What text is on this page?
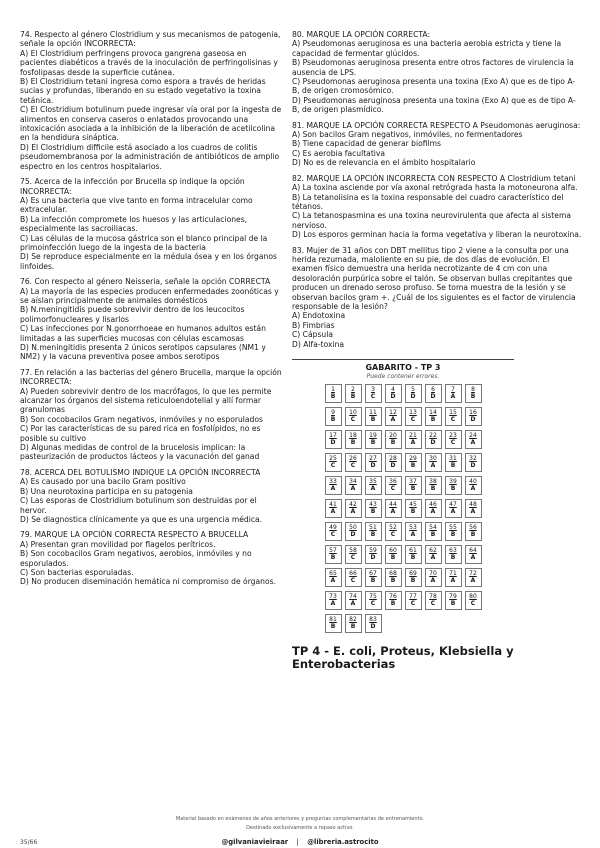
74. Respecto al género Clostridium y sus mecanismos de patogenia, señale la opción INCORRECTA:

A) El Clostridium perfringens provoca gangrena gaseosa en pacientes diabéticos a través de la inoculación de perfringolisinas y fosfolipasas desde la superficie cutánea.

B) El Clostridium tetani ingresa como espora a través de heridas sucias y profundas, liberando en su estado vegetativo la toxina tetánica.

C) El Clostridium botulinum puede ingresar vía oral por la ingesta de alimentos en conserva caseros o enlatados provocando una intoxicación asociada a la inhibición de la liberación de acetilcolina en la hendidura sináptica.

D) El Clostridium difficile está asociado a los cuadros de colitis pseudomembranosa por la administración de antibióticos de amplio espectro en los centros hospitalarios.

75. Acerca de la infección por Brucella sp indique la opción INCORRECTA:

A) Es una bacteria que vive tanto en forma intracelular como extracelular.

B) La infección compromete los huesos y las articulaciones, especialmente las sacroiliacas.

C) Las células de la mucosa gástrica son el blanco principal de la primoinfección luego de la ingesta de la bacteria

D) Se reproduce especialmente en la médula ósea y en los órganos linfoides.

76. Con respecto al género Neisseria, señale la opción CORRECTA

A) La mayoría de las especies producen enfermedades zoonóticas y se aíslan principalmente de animales domésticos

B) N.meningitidis puede sobrevivir dentro de los leucocitos polimorfonucleares y lisarlos

C) Las infecciones por N.gonorrhoeae en humanos adultos están limitadas a las superficies mucosas con células escamosas

D) N.meningitidis presenta 2 únicos serotipos capsulares (NM1 y NM2) y la vacuna preventiva posee ambos serotipos

77. En relación a las bacterias del género Brucella, marque la opción INCORRECTA:

A) Pueden sobrevivir dentro de los macrófagos, lo que les permite alcanzar los órganos del sistema reticuloendotelial y allí formar granulomas

B) Son cocobacilos Gram negativos, inmóviles y no esporulados

C) Por las características de su pared rica en fosfolípidos, no es posible su cultivo

D) Algunas medidas de control de la brucelosis implican: la pasteurización de productos lácteos y la vacunación del ganad

78. ACERCA DEL BOTULISMO INDIQUE LA OPCIÓN INCORRECTA

A) Es causado por una bacilo Gram positivo

B) Una neurotoxina participa en su patogenia

C) Las esporas de Clostridium botulinum son destruidas por el hervor.

D) Se diagnostica clínicamente ya que es una urgencia médica.

79. MARQUE LA OPCIÓN CORRECTA RESPECTO A BRUCELLA

A) Presentan gran movilidad por flagelos perítricos.

B) Son cocobacilos Gram negativos, aerobios, inmóviles y no esporulados.

C) Son bacterias esporuladas.

D) No producen diseminación hemática ni compromiso de órganos.

80. MARQUE LA OPCIÓN CORRECTA:

A) Pseudomonas aeruginosa es una bacteria aerobia estricta y tiene la capacidad de fermentar glúcidos.

B) Pseudomonas aeruginosa presenta entre otros factores de virulencia la ausencia de LPS.

C) Pseudomonas aeruginosa presenta una toxina (Exo A) que es de tipo A-B, de origen cromosómico.

D) Pseudomonas aeruginosa presenta una toxina (Exo A) que es de tipo A-B, de origen plasmídico.

81. MARQUE LA OPCIÓN CORRECTA RESPECTO A Pseudomonas aeruginosa:

A) Son bacilos Gram negativos, inmóviles, no fermentadores

B) Tiene capacidad de generar biofilms

C) Es aerobia facultativa

D) No es de relevancia en el ámbito hospitalario

82. MARQUE LA OPCIÓN INCORRECTA CON RESPECTO A Clostridium tetani

A) La toxina asciende por vía axonal retrógrada hasta la motoneurona alfa.

B) La tetanolisina es la toxina responsable del cuadro característico del tétanos.

C) La tetanospasmina es una toxina neurovirulenta que afecta al sistema nervioso.

D) Los esporos germinan hacia la forma vegetativa y liberan la neurotoxina.

83. Mujer de 31 años con DBT mellitus tipo 2 viene a la consulta por una herida rezumada, maloliente en su pie, de dos días de evolución. El examen físico demuestra una herida necrotizante de 4 cm con una desoloración purpúrica sobre el talón. Se observan bullas crepitantes que producen un drenado seroso profuso. Se toma muestra de la lesión y se observan bacilos gram +. ¿Cuál de los siguientes es el factor de virulencia responsable de la lesión?

A) Endotoxina

B) Fimbrias

C) Cápsula

D) Alfa-toxina

GABARITO - TP 3
Puede contener errores.
1
B
2
B
3
C
4
D
5
D
6
D
7
A
8
B
9
B
10
C
11
B
12
A
13
C
14
B
15
C
16
D
17
D
18
B
19
B
20
B
21
A
22
D
23
C
24
A
25
C
26
C
27
D
28
D
29
B
30
A
31
B
32
D
33
A
34
A
35
A
36
C
37
B
38
B
39
B
40
A
41
A
42
A
43
B
44
A
45
B
46
A
47
A
48
A
49
C
50
D
51
B
52
C
53
A
54
B
55
B
56
B
57
B
58
C
59
D
60
B
61
B
62
A
63
B
64
A
65
A
66
C
67
B
68
B
69
B
70
A
71
A
72
A
73
A
74
A
75
C
76
B
77
C
78
C
79
B
80
C
81
B
82
B
83
D
TP 4 - E. coli, Proteus, Klebsiella y Enterobacterias
Material basado en exámenes de años anteriores y preguntas complementarias de entrenamiento.
Destinado exclusivamente a repaso activo.
35/66	@gilvaniavieiraar | @libreria.astrocito
